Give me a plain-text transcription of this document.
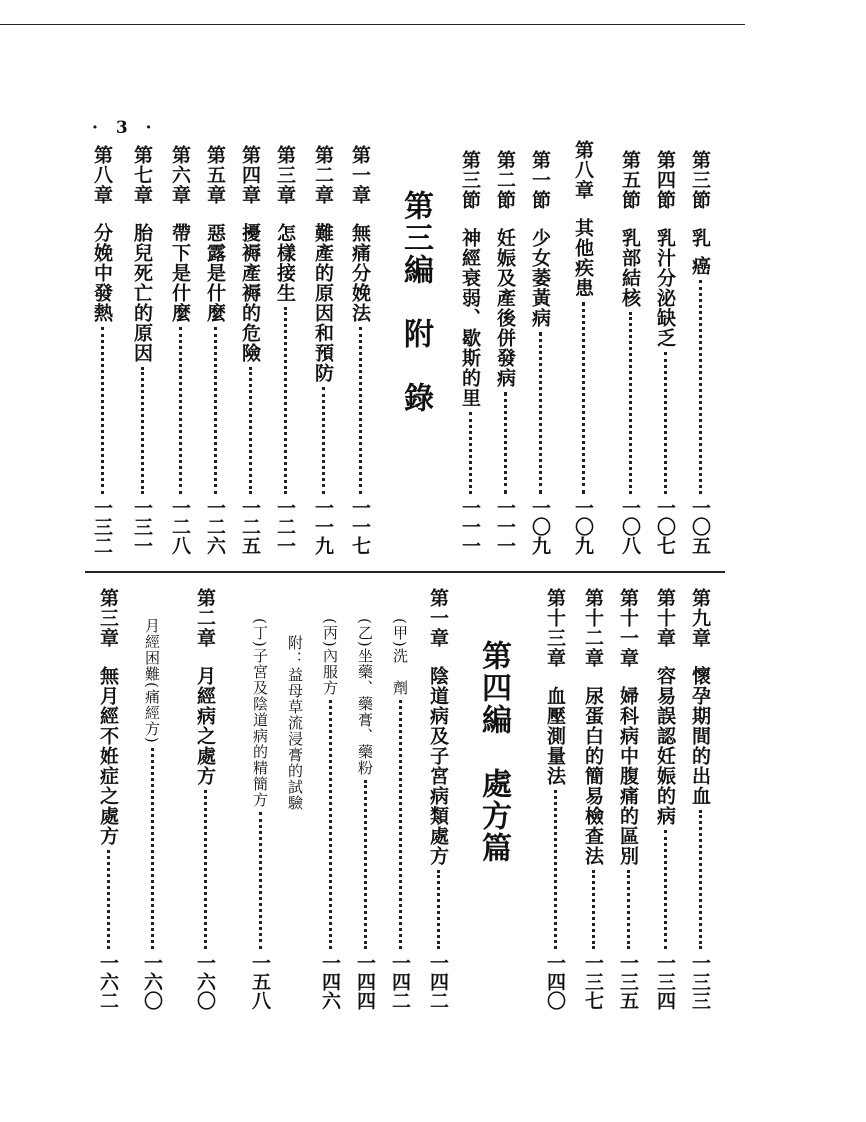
· 3 ·
第三編　附　錄
第四編　處方篇
第三節
乳 癌
一〇五
第四節
乳汁分泌缺乏
一〇七
第五節
乳部結核
一〇八
第八章
其他疾患
一〇九
第一節
少女萎黃病
一〇九
第二節
妊娠及產後併發病
一一一
第三節
神經衰弱、歇斯的里
一一一
第一章
無痛分娩法
一一七
第二章
難產的原因和預防
一一九
第三章
怎樣接生
一二一
第四章
擾褥產褥的危險
一二五
第五章
惡露是什麼
一二六
第六章
帶下是什麼
一二八
第七章
胎兒死亡的原因
一三一
第八章
分娩中發熱
一三二
第九章
懷孕期間的出血
一三三
第十章
容易誤認妊娠的病
一三四
第十一章
婦科病中腹痛的區別
一三五
第十二章
尿蛋白的簡易檢查法
一三七
第十三章
血壓測量法
一四〇
第一章
陰道病及子宮病類處方
一四二
(甲)洗　劑
一四二
(乙)坐藥、藥膏、藥粉
一四四
(丙)內服方
一四六
附：益母草流浸膏的試驗
(丁)子宮及陰道病的精簡方
一五八
第二章
月經病之處方
一六〇
月經困難(痛經方)
一六〇
第三章
無月經不姙症之處方
一六二
